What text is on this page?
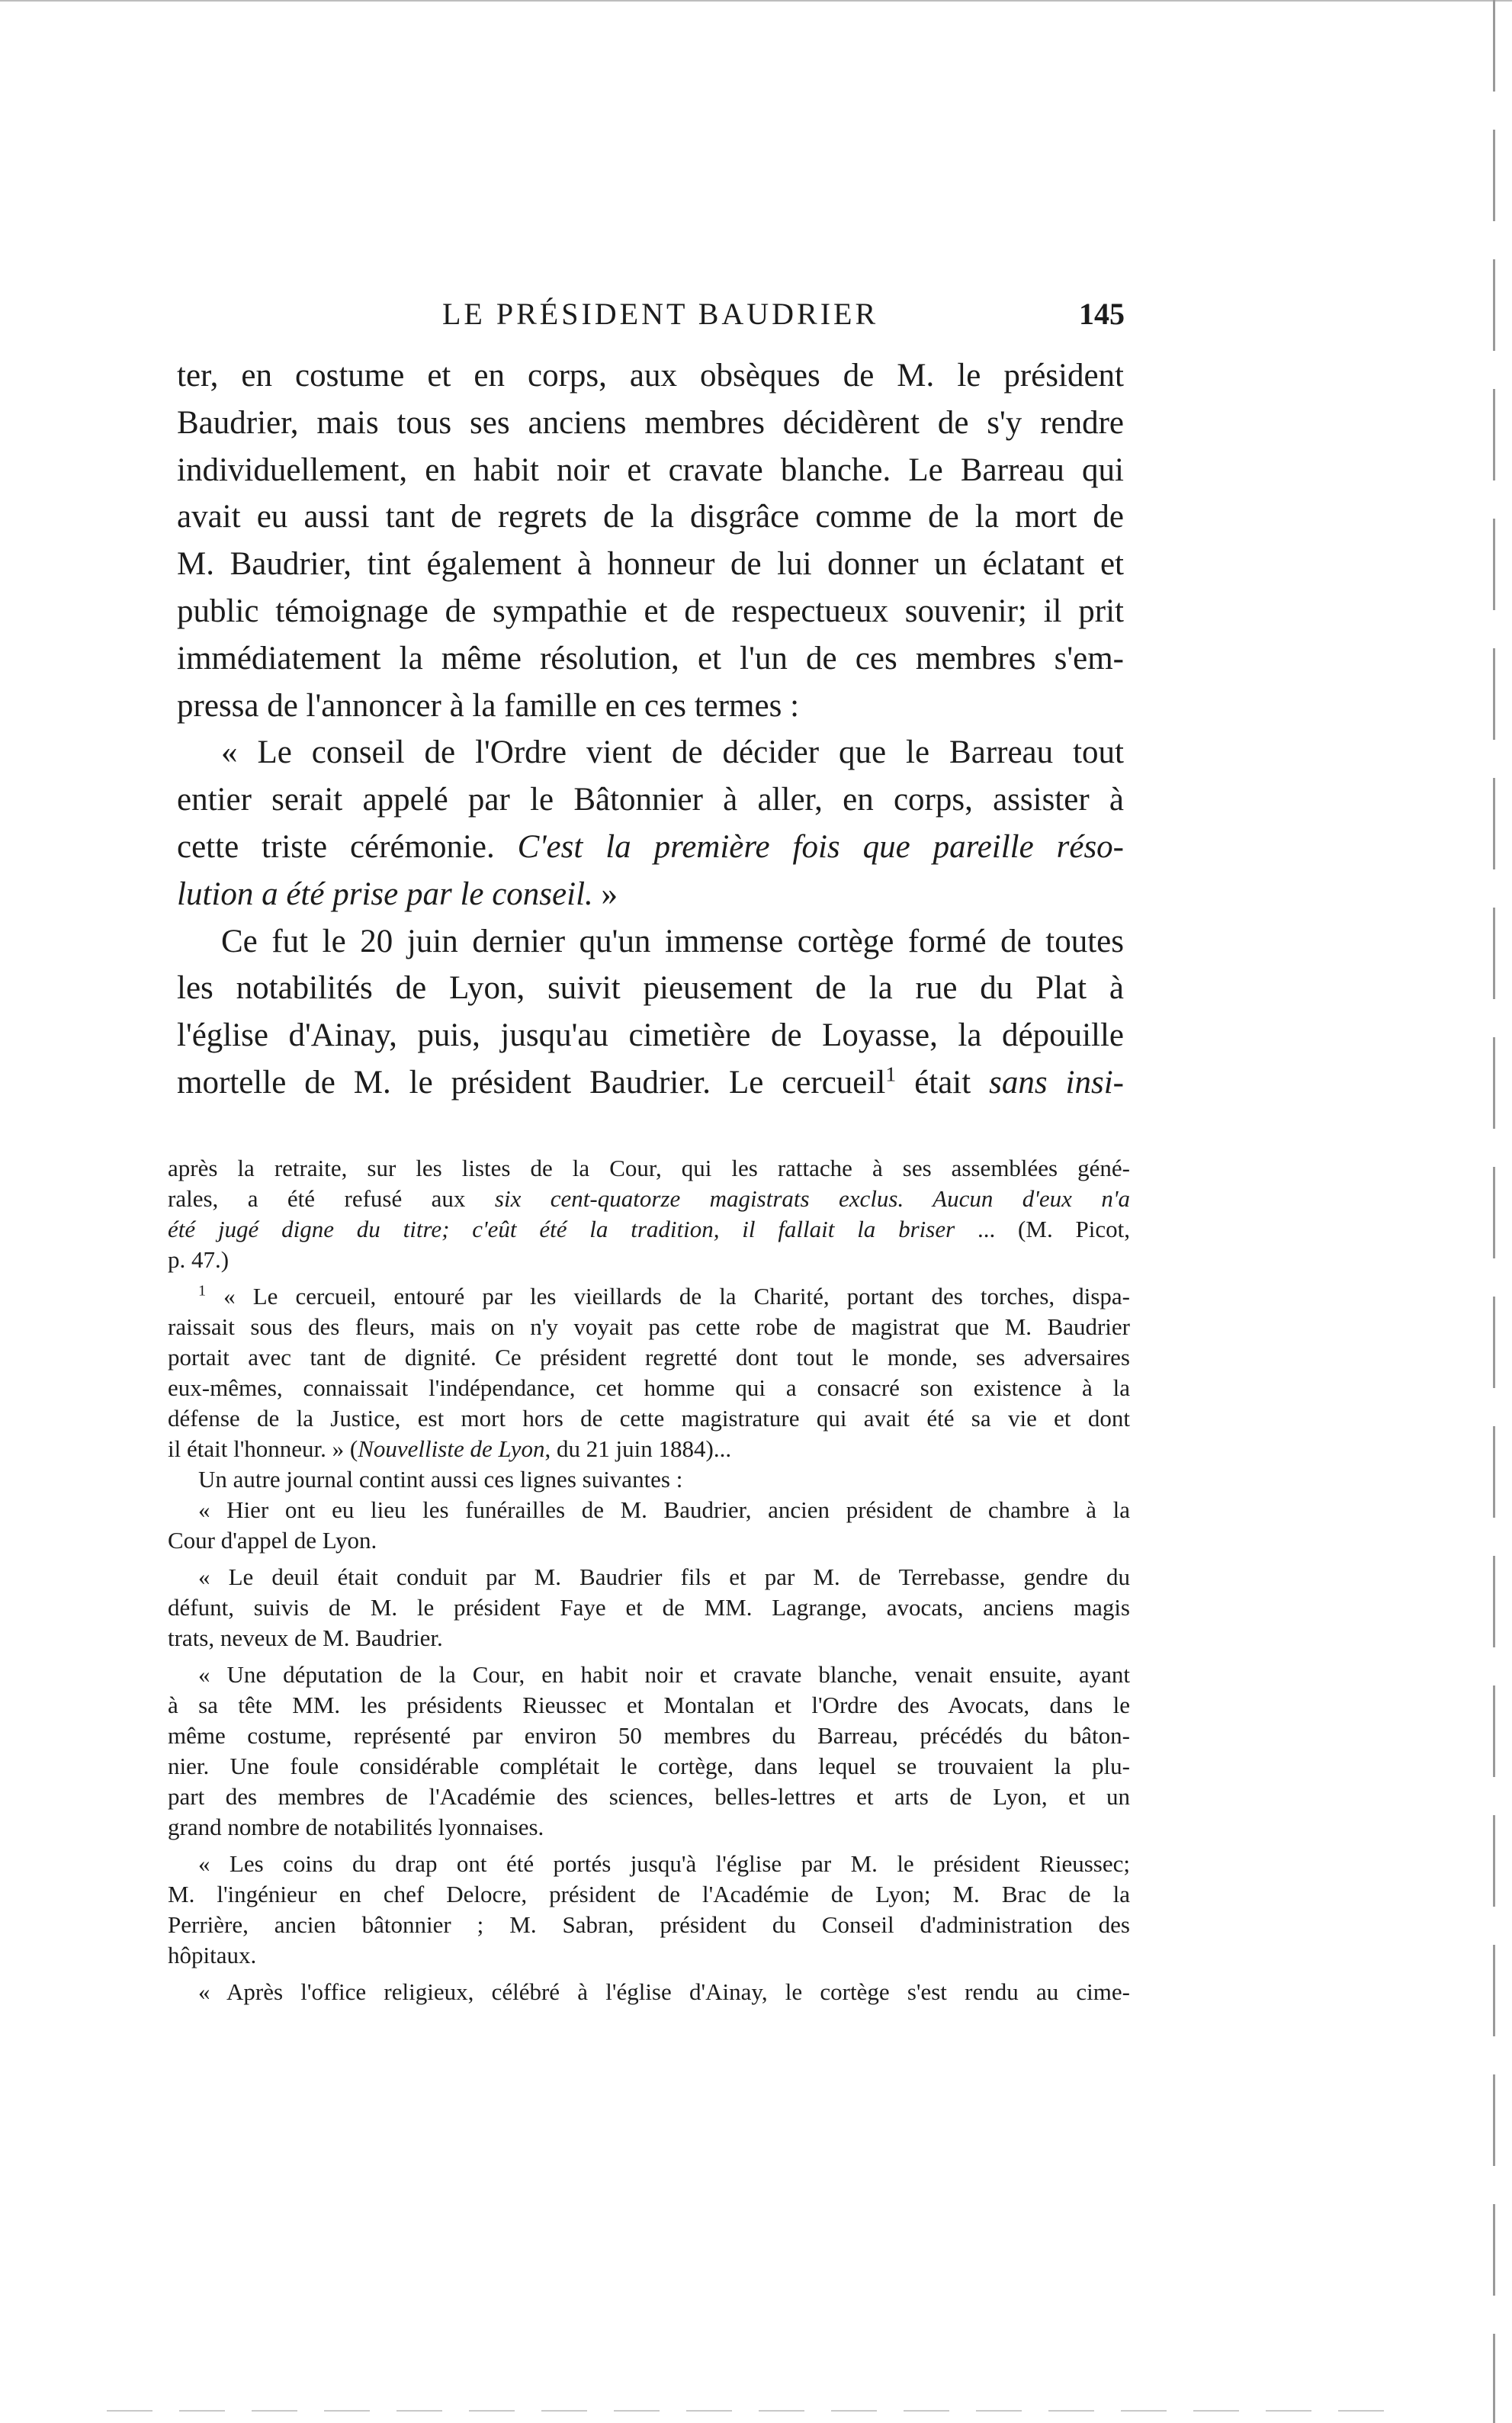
LE PRÉSIDENT BAUDRIER	145

ter, en costume et en corps, aux obsèques de M. le président

Baudrier, mais tous ses anciens membres décidèrent de s'y rendre

individuellement, en habit noir et cravate blanche. Le Barreau qui

avait eu aussi tant de regrets de la disgrâce comme de la mort de

M. Baudrier, tint également à honneur de lui donner un éclatant et

public témoignage de sympathie et de respectueux souvenir; il prit

immédiatement la même résolution, et l'un de ces membres s'em-

pressa de l'annoncer à la famille en ces termes :

« Le conseil de l'Ordre vient de décider que le Barreau tout

entier serait appelé par le Bâtonnier à aller, en corps, assister à

cette triste cérémonie. C'est la première fois que pareille réso-

lution a été prise par le conseil. »

Ce fut le 20 juin dernier qu'un immense cortège formé de toutes

les notabilités de Lyon, suivit pieusement de la rue du Plat à

l'église d'Ainay, puis, jusqu'au cimetière de Loyasse, la dépouille

mortelle de M. le président Baudrier. Le cercueil$^1$ était sans insi-

après la retraite, sur les listes de la Cour, qui les rattache à ses assemblées géné-

rales, a été refusé aux six cent-quatorze magistrats exclus. Aucun d'eux n'a

été jugé digne du titre; c'eût été la tradition, il fallait la briser ... (M. Picot,

p. 47.)

$^1$ « Le cercueil, entouré par les vieillards de la Charité, portant des torches, dispa-

raissait sous des fleurs, mais on n'y voyait pas cette robe de magistrat que M. Baudrier

portait avec tant de dignité. Ce président regretté dont tout le monde, ses adversaires

eux-mêmes, connaissait l'indépendance, cet homme qui a consacré son existence à la

défense de la Justice, est mort hors de cette magistrature qui avait été sa vie et dont

il était l'honneur. » (Nouvelliste de Lyon, du 21 juin 1884)...

Un autre journal contint aussi ces lignes suivantes :

« Hier ont eu lieu les funérailles de M. Baudrier, ancien président de chambre à la

Cour d'appel de Lyon.

« Le deuil était conduit par M. Baudrier fils et par M. de Terrebasse, gendre du

défunt, suivis de M. le président Faye et de MM. Lagrange, avocats, anciens magis

trats, neveux de M. Baudrier.

« Une députation de la Cour, en habit noir et cravate blanche, venait ensuite, ayant

à sa tête MM. les présidents Rieussec et Montalan et l'Ordre des Avocats, dans le

même costume, représenté par environ 50 membres du Barreau, précédés du bâton-

nier. Une foule considérable complétait le cortège, dans lequel se trouvaient la plu-

part des membres de l'Académie des sciences, belles-lettres et arts de Lyon, et un

grand nombre de notabilités lyonnaises.

« Les coins du drap ont été portés jusqu'à l'église par M. le président Rieussec;

M. l'ingénieur en chef Delocre, président de l'Académie de Lyon; M. Brac de la

Perrière, ancien bâtonnier ; M. Sabran, président du Conseil d'administration des

hôpitaux.

« Après l'office religieux, célébré à l'église d'Ainay, le cortège s'est rendu au cime-
